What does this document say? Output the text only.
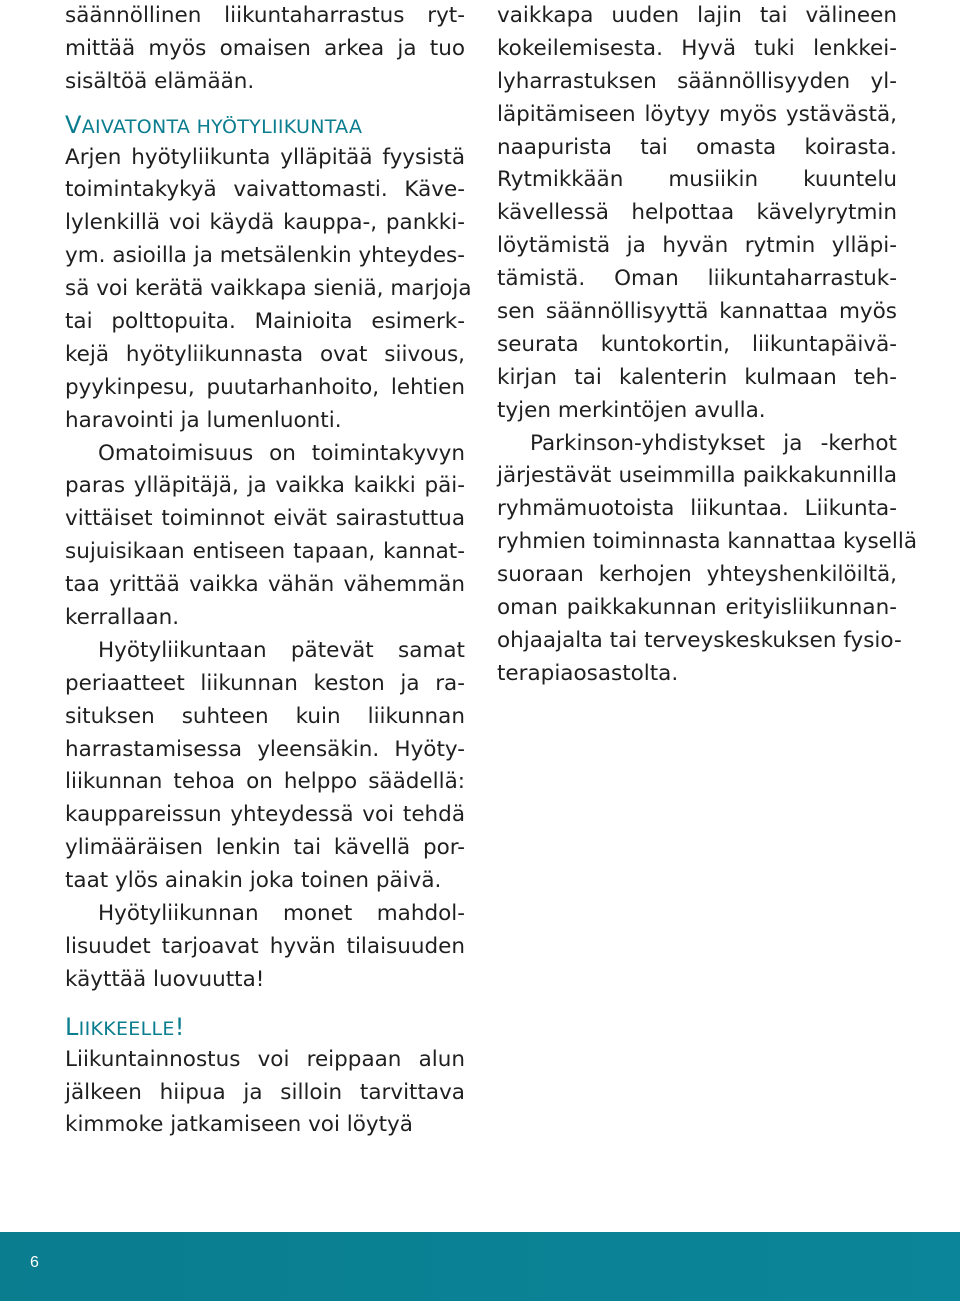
säännöllinen liikuntaharrastus ryt-
mittää myös omaisen arkea ja tuo
sisältöä elämään.
VAIVATONTA HYÖTYLIIKUNTAA
Arjen hyötyliikunta ylläpitää fyysistä
toimintakykyä vaivattomasti. Käve-
lylenkillä voi käydä kauppa-, pankki-
ym. asioilla ja metsälenkin yhteydes-
sä voi kerätä vaikkapa sieniä, marjoja
tai polttopuita. Mainioita esimerk-
kejä hyötyliikunnasta ovat siivous,
pyykinpesu, puutarhanhoito, lehtien
haravointi ja lumenluonti.
Omatoimisuus on toimintakyvyn
paras ylläpitäjä, ja vaikka kaikki päi-
vittäiset toiminnot eivät sairastuttua
sujuisikaan entiseen tapaan, kannat-
taa yrittää vaikka vähän vähemmän
kerrallaan.
Hyötyliikuntaan pätevät samat
periaatteet liikunnan keston ja ra-
situksen suhteen kuin liikunnan
harrastamisessa yleensäkin. Hyöty-
liikunnan tehoa on helppo säädellä:
kauppareissun yhteydessä voi tehdä
ylimääräisen lenkin tai kävellä por-
taat ylös ainakin joka toinen päivä.
Hyötyliikunnan monet mahdol-
lisuudet tarjoavat hyvän tilaisuuden
käyttää luovuutta!
LIIKKEELLE!
Liikuntainnostus voi reippaan alun
jälkeen hiipua ja silloin tarvittava
kimmoke jatkamiseen voi löytyä
vaikkapa uuden lajin tai välineen
kokeilemisesta. Hyvä tuki lenkkei-
lyharrastuksen säännöllisyyden yl-
läpitämiseen löytyy myös ystävästä,
naapurista tai omasta koirasta.
Rytmikkään musiikin kuuntelu
kävellessä helpottaa kävelyrytmin
löytämistä ja hyvän rytmin ylläpi-
tämistä. Oman liikuntaharrastuk-
sen säännöllisyyttä kannattaa myös
seurata kuntokortin, liikuntapäivä-
kirjan tai kalenterin kulmaan teh-
tyjen merkintöjen avulla.
Parkinson-yhdistykset ja -kerhot
järjestävät useimmilla paikkakunnilla
ryhmämuotoista liikuntaa. Liikunta-
ryhmien toiminnasta kannattaa kysellä
suoraan kerhojen yhteyshenkilöiltä,
oman paikkakunnan erityisliikunnan-
ohjaajalta tai terveyskeskuksen fysio-
terapiaosastolta.
6
